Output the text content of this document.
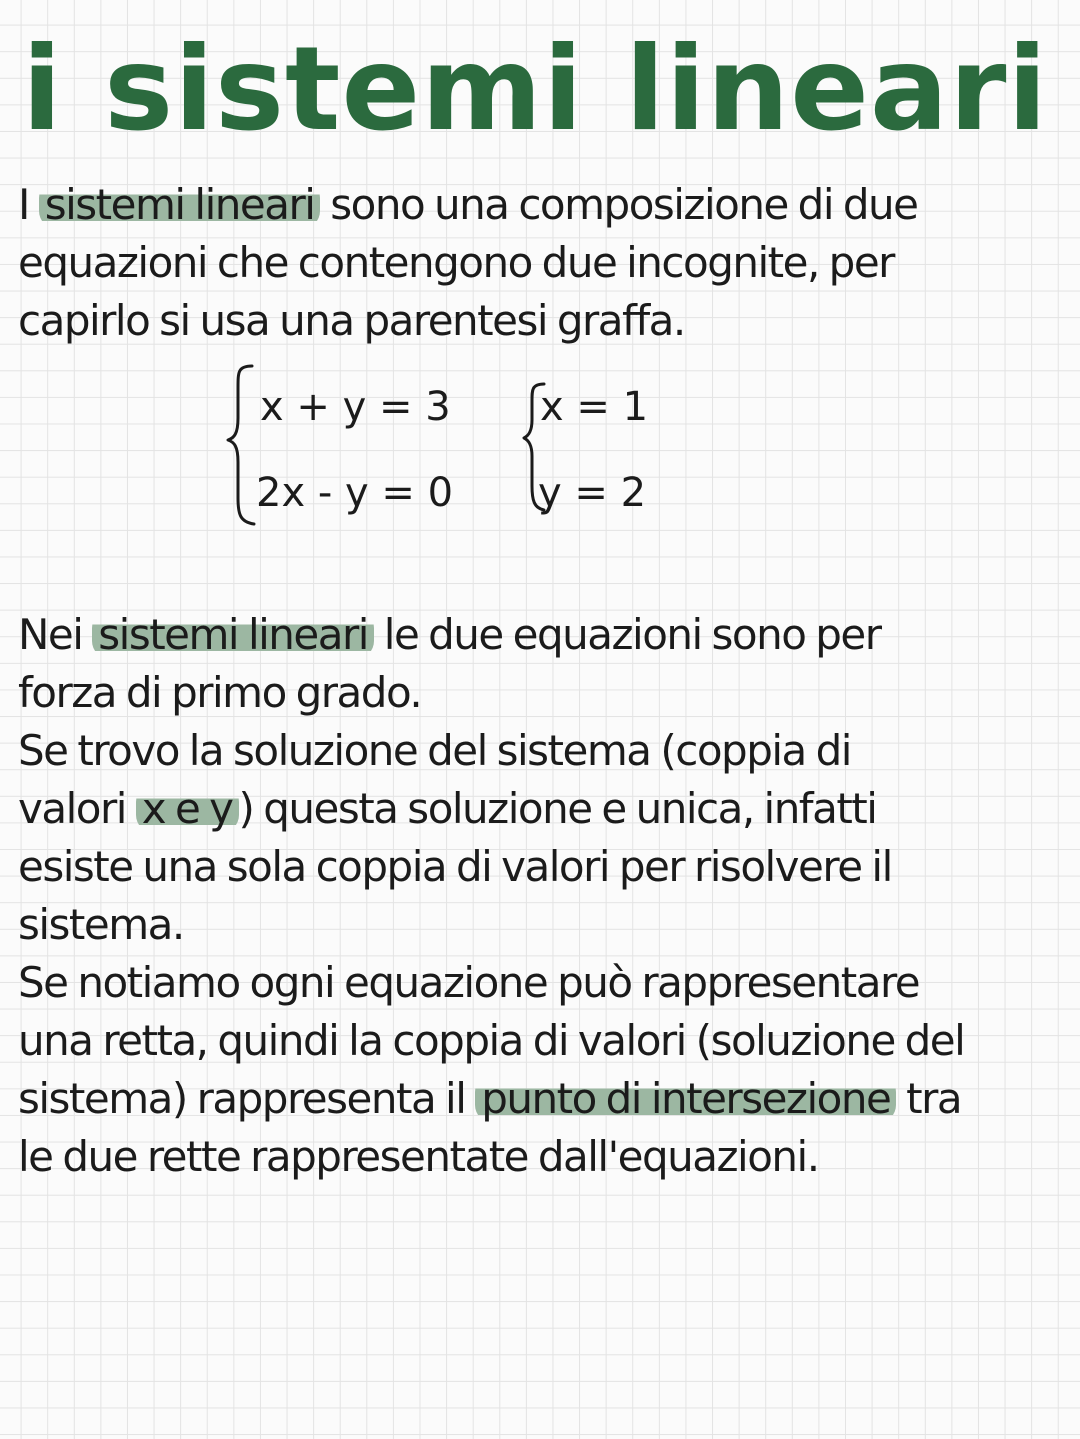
i sistemi lineari

I sistemi lineari sono una composizione di due
equazioni che contengono due incognite, per
capirlo si usa una parentesi graffa.

x + y = 3
2x - y = 0
x = 1
y = 2

Nei sistemi lineari le due equazioni sono per
forza di primo grado.
Se trovo la soluzione del sistema (coppia di
valori x e y ) questa soluzione e unica, infatti
esiste una sola coppia di valori per risolvere il
sistema.
Se notiamo ogni equazione può rappresentare
una retta, quindi la coppia di valori (soluzione del
sistema) rappresenta il punto di intersezione tra
le due rette rappresentate dall'equazioni.
